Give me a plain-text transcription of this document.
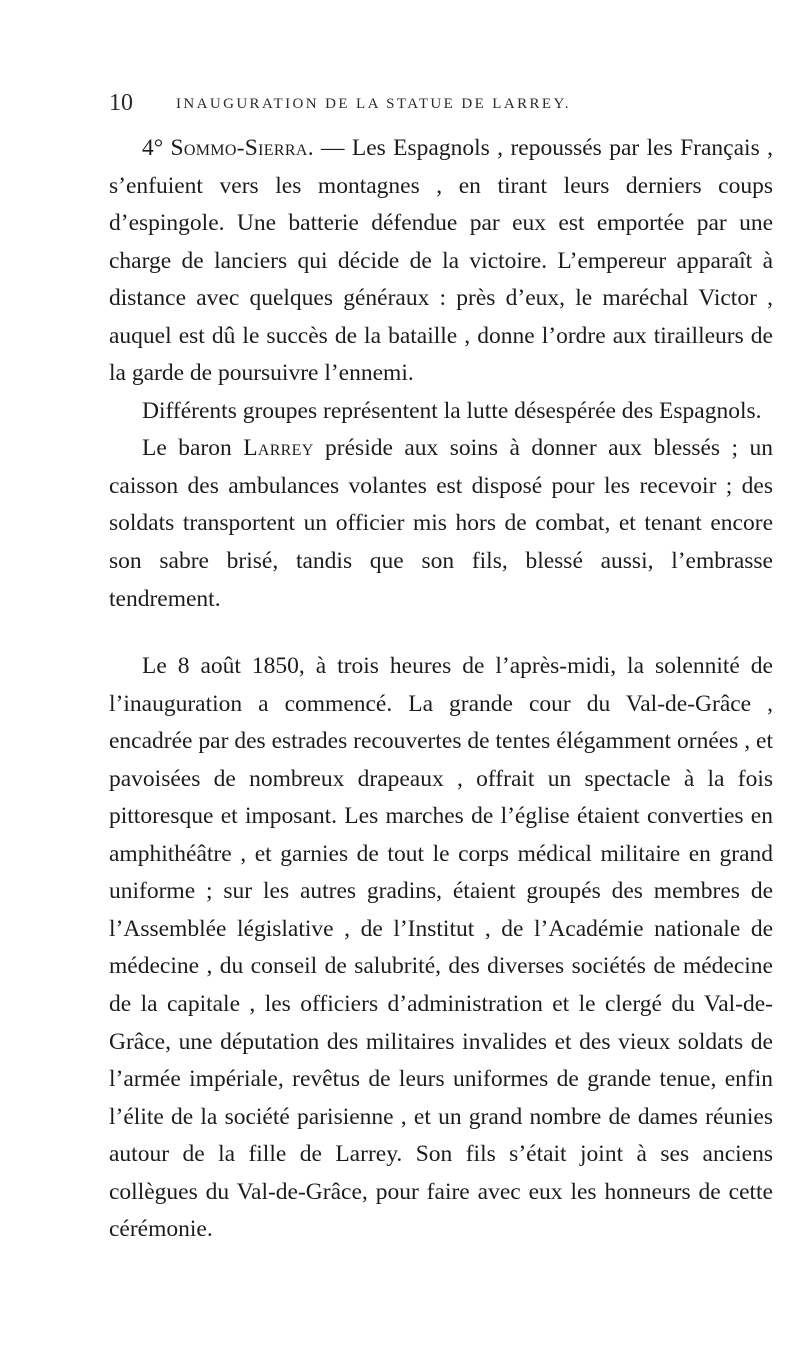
10	INAUGURATION DE LA STATUE DE LARREY.

4° Sommo-Sierra. — Les Espagnols , repoussés par les Français , s’enfuient vers les montagnes , en tirant leurs derniers coups d’espingole. Une batterie défendue par eux est emportée par une charge de lanciers qui décide de la victoire. L’empereur apparaît à distance avec quelques généraux : près d’eux, le maréchal Victor , auquel est dû le succès de la bataille , donne l’ordre aux tirailleurs de la garde de poursuivre l’ennemi.

Différents groupes représentent la lutte désespérée des Espagnols.

Le baron Larrey préside aux soins à donner aux blessés ; un caisson des ambulances volantes est disposé pour les recevoir ; des soldats transportent un officier mis hors de combat, et tenant encore son sabre brisé, tandis que son fils, blessé aussi, l’embrasse tendrement.

Le 8 août 1850, à trois heures de l’après-midi, la solennité de l’inauguration a commencé. La grande cour du Val-de-Grâce , encadrée par des estrades recouvertes de tentes élégamment ornées , et pavoisées de nombreux drapeaux , offrait un spectacle à la fois pittoresque et imposant. Les marches de l’église étaient converties en amphithéâtre , et garnies de tout le corps médical militaire en grand uniforme ; sur les autres gradins, étaient groupés des membres de l’Assemblée législative , de l’Institut , de l’Académie nationale de médecine , du conseil de salubrité, des diverses sociétés de médecine de la capitale , les officiers d’administration et le clergé du Val-de-Grâce, une députation des militaires invalides et des vieux soldats de l’armée impériale, revêtus de leurs uniformes de grande tenue, enfin l’élite de la société parisienne , et un grand nombre de dames réunies autour de la fille de Larrey. Son fils s’était joint à ses anciens collègues du Val-de-Grâce, pour faire avec eux les honneurs de cette cérémonie.
